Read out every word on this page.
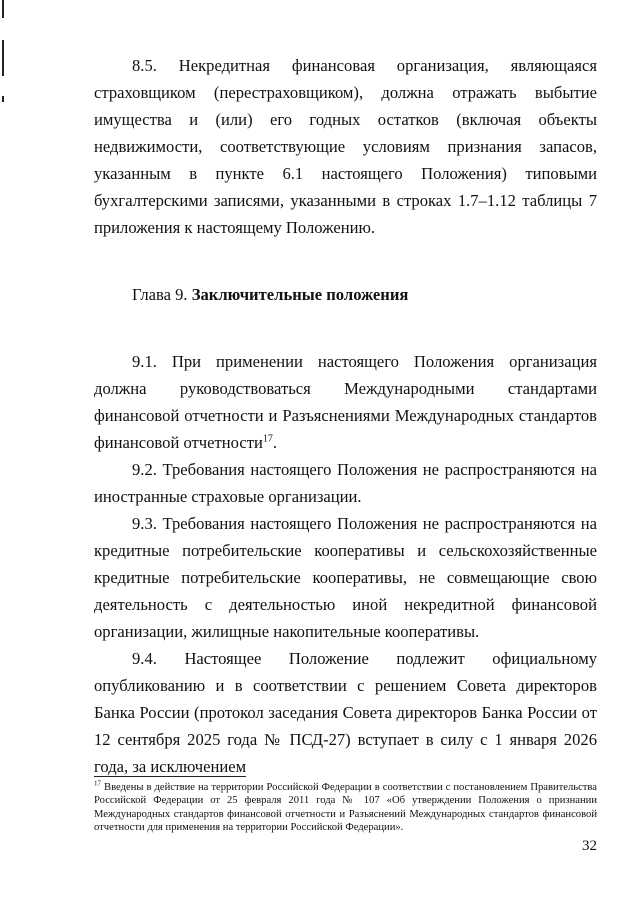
8.5. Некредитная финансовая организация, являющаяся страховщиком (перестраховщиком), должна отражать выбытие имущества и (или) его годных остатков (включая объекты недвижимости, соответствующие условиям признания запасов, указанным в пункте 6.1 настоящего Положения) типовыми бухгалтерскими записями, указанными в строках 1.7–1.12 таблицы 7 приложения к настоящему Положению.

Глава 9. Заключительные положения

9.1. При применении настоящего Положения организация должна руководствоваться Международными стандартами финансовой отчетности и Разъяснениями Международных стандартов финансовой отчетности$^{17}$.

9.2. Требования настоящего Положения не распространяются на иностранные страховые организации.

9.3. Требования настоящего Положения не распространяются на кредитные потребительские кооперативы и сельскохозяйственные кредитные потребительские кооперативы, не совмещающие свою деятельность с деятельностью иной некредитной финансовой организации, жилищные накопительные кооперативы.

9.4. Настоящее Положение подлежит официальному опубликованию и в соответствии с решением Совета директоров Банка России (протокол заседания Совета директоров Банка России от 12 сентября 2025 года № ПСД-27) вступает в силу с 1 января 2026 года, за исключением

$^{17}$ Введены в действие на территории Российской Федерации в соответствии с постановлением Правительства Российской Федерации от 25 февраля 2011 года № 107 «Об утверждении Положения о признании Международных стандартов финансовой отчетности и Разъяснений Международных стандартов финансовой отчетности для применения на территории Российской Федерации».

32
